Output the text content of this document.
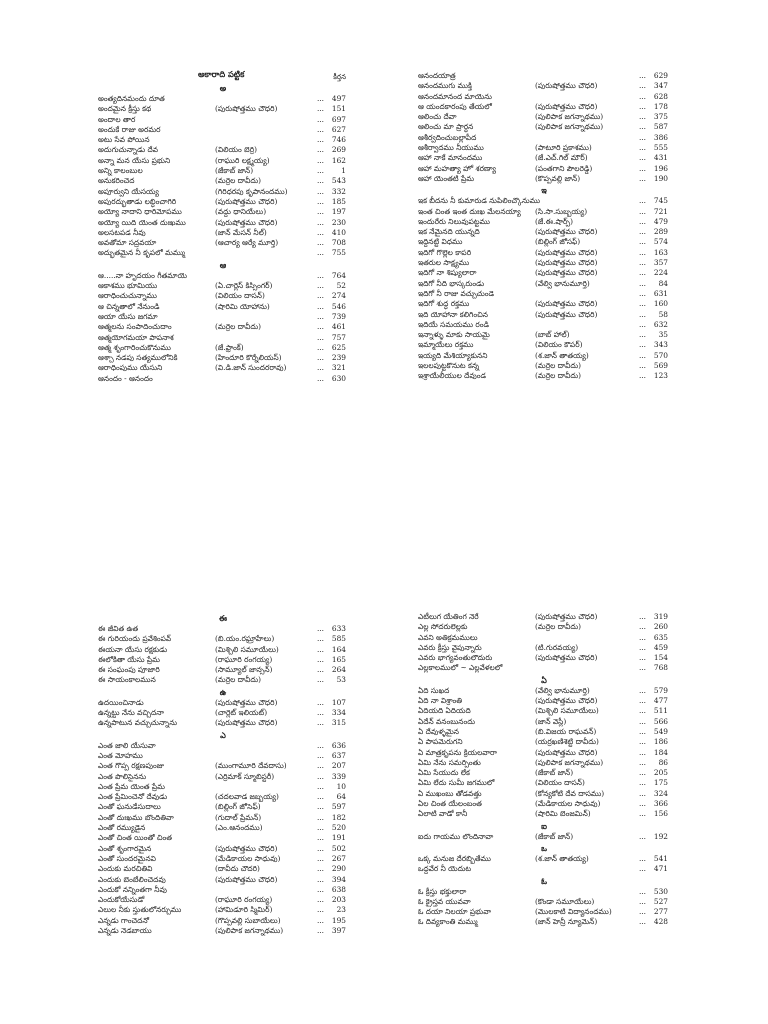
అకారాది పట్టిక	కీర్తన
అ
అంత్యదినమందు దూత	... 497
అందమైన క్రీస్తు కథ	(పురుషోత్తము చౌధరి)	... 151
అందాల తార	... 697
అందుకే రాజు అరమర	... 627
అటు సేవ పోయిన	... 746
అదుగుచున్నాడు దేవ	(విలియం బెర్రి)	... 269
అన్నా మన యేసు ప్రభుని	(రాఘురి లక్ష్మయ్య)	... 162
అన్ని కాలంబుల	(జేకాబ్ జాన్)	... 1
అనుకరించెద	(మర్రెల దావీదు)	... 543
అపూర్వుని యేసయ్య	(గిరిధరపు కృపానందము)	... 332
అపురద్భుతాడు లబ్ధించాగిరి	(పురుషోత్తము చౌధరి)	... 185
అయ్యో నాదాని ధారిమోపము	(వద్దు ధానియేలు)	... 197
అయ్యో యిది యెంత దుఃఖము	(పురుషోత్తము చౌధరి)	... 230
అలసటపడ నీవు	(జాన్ మేసన్ నీల్)	... 410
అవతోమా సద్రవయా	(ఆచార్య ఆర్యే మూర్తి)	... 708
అద్భుతమైన నీ కృపలో మమ్ము	... 755
ఆ
ఆ.....నా హృదయం గీతమాయె	... 764
ఆకాశము భూమియు	(ఏ.చార్లెస్ కిస్సింగర్)	... 52
ఆరాధించుచున్నాము	(విలియం దాసన్)	... 274
ఆ చిన్నతాలో నేనుండి	(షారిమి యోహాను)	... 546
ఆయా యేసు జగమా	... 739
ఆత్మలను సంపాదించుదాం	(మర్రెల దావీదు)	... 461
ఆత్మయోగమయా పాపనాశ	... 757
ఆత్మ శృంగారించుకొనుము	(జే.ఫ్రాంక్)	... 625
ఆశ్చా నడపు సత్యములోనికి	(హిందూరి కొర్నేలియస్)	... 239
ఆరాధింపుము యేసుని	(వి.డి.జాన్ సుందరరావు)	... 321
ఆనందం - ఆనందం	... 630
ఆనందయాత్ర	... 629
ఆనందముగు ముక్తి	(పురుషోత్తము చౌధరి)	... 347
ఆనందమానంద మాయెను	... 628
ఆ యందకారంపు తేయలో	(పురుషోత్తము చౌధరి)	... 178
ఆలించు దేవా	(పులిపాక జగన్నాథము)	... 375
ఆలించు మా ప్రార్థన	(పులిపాక జగన్నాథము)	... 587
ఆశీర్వదించుబల్లాపీద	... 386
ఆశీర్వాదము నీయుము	(పాటూరి ప్రకాశము)	... 555
ఆహా నాకే మానందము	(జే.ఎచ్.గిల్ మౌర్)	... 431
ఆహా మహత్యా హో శరణ్యా	(పంతగాని పౌలరెడ్డి)	... 196
ఆహా యెంతటి ప్రేమ	(కొప్పవల్లి జాన్)	... 190
ఇ
ఇక బీదను నీ కుమారుడ నుపిలించ్కొనుము	... 745
ఇంత చింత ఇంత దుఃఖ మేలనయ్యా (సి.సా.సుబ్బయ్య)	... 721
ఇందురేరు నిలువుపట్టము	(జే.ఈ.షార్ప్)	... 479
ఇక నేమైనది యున్నది	(పురుషోత్తము చౌధరి)	... 289
ఇద్దినట్టి విధము	(బిల్లింగ్ జోసఫ్)	... 574
ఇదిగో గొల్లెల కాపరి	(పురుషోత్తము చౌధరి)	... 163
ఇతరుల సాక్ష్యము	(పురుషోత్తము చౌధరి)	... 357
ఇదిగో నా శిష్యులారా	(పురుషోత్తము చౌధరి)	... 224
ఇదిగో నీది భాస్కరుండు	(వేల్వి భానుమూర్తి)	... 84
ఇదిగో నీ రాజు వచ్చుచుండె	... 631
ఇదిగో శుద్ధ రక్తము	(పురుషోత్తము చౌధరి)	... 160
ఇది యోహానా కలిగించిన	(పురుషోత్తము చౌధరి)	... 58
ఇదియే సమయము రండి	... 632
ఇన్నాళ్ళు మాకు సాయమై	(బాబ్ హాల్)	... 35
ఇమ్మాయేలు రక్తము	(విలియం కౌపర్)	... 343
ఇయ్యది మేశియ్యాకునని	(శ.జాన్ తాతయ్య)	... 570
ఇలలపుట్టకొనుట కన్న	(మర్రెల దావీదు)	... 569
ఇశ్రాయేలీయుల దేవుండ	(మర్రెల దావీదు)	... 123
ఈ
ఈ జీవిత ఉత	... 633
ఈ గురియందు ప్రవేశింపవ్	(బి.యం.రఘ్రాహేలు)	... 585
ఈయనా యేసు రక్షకుడు	(మిశ్చిలి సమూయేలు)	... 164
ఈలోకితా యేసు ప్రేమ	(రాఘూరి రంగయ్య)	... 165
ఈ సంఘంపు పూజారి	(సామ్యూల్ జాన్సన్)	... 264
ఈ సాయంకాలమున	(మర్రెల దావీదు)	... 53
ఉ
ఉదయించినాడు	(పురుషోత్తము చౌధరి)	... 107
ఉన్నట్టు నేను వచ్చిదనా	(చార్లెట్ ఇలియట్)	... 334
ఉన్నపాటున వచ్చుచున్నాను	(పురుషోత్తము చౌధరి)	... 315
ఎ
ఎంత జాలి యేసువా	... 636
ఎంత మోహము	... 637
ఎంత గొప్ప రక్షణపుంజు	(ముంగామూరి దేవదాసు)	... 207
ఎంత పొలిసైనను	(ఎర్రిమాక్ స్మూబిస్టరీ)	... 339
ఎంత ప్రేమ యెంత ప్రేమ	... 10
ఎంత ప్రేమించెనో దేవుడు	(చదలవాడ జబ్బయ్య)	... 64
ఎంతో ఘనుడేసుదాలు	(బిల్లింగ్ జోసెఫ్)	... 597
ఎంతో దుఃఖము బొందితివా	(గుదాల్ ప్రేమన్)	... 182
ఎంతో రమ్యుడైన	(ఎం.ఆనందము)	... 520
ఎంతో చింత యింతో చింత	... 191
ఎంతో శృంగారమైన	(పురుషోత్తము చౌధరి)	... 502
ఎంతో సుందరమైనవి	(మేడికాయల సాధువు)	... 267
ఎందుకు మరచితివి	(దావీదు చౌదరి)	... 290
ఎందుకు బెంబేలించెదవు	(పురుషోత్తము చౌధరి)	... 394
ఎందుకో నన్నింతగా నీవు	... 638
ఎందుకోయేసుడో	(రాఘూరి రంగయ్య)	... 203
ఎలుల నీకు స్తుతులోనర్చుము	(హామిడూరి స్మిమిర్)	... 23
ఎన్నడు గాంచెదనో	(గొప్పవల్లి సుబాయేలు)	... 195
ఎన్నడు నెడబాయు	(పులిపాక జగన్నాథము)	... 397
ఎటీలుగ యేతింగ నెరే	(పురుషోత్తము చౌధరి)	... 319
ఎల్ల సోదరులెల్లకు	(మర్రెల దావీదు)	... 260
ఎవని అతిక్రమములు	... 635
ఎవరు క్రీస్తు వైపున్నారు	(టి.గురవయ్య)	... 459
ఎవరు భాగ్యవంతులౌదురు	(పురుషోత్తము చౌధరి)	... 154
ఎల్లకాలములో ~ ఎల్లవేళలలో	... 768
ఏ
ఏది సుఖద	(వేల్వి భానుమూర్తి)	... 579
ఏది నా విశ్రాంతి	(పురుషోత్తము చౌధరి)	... 477
ఏదియది ఏదియది	(మిశ్చిలి సమూయేలు)	... 511
ఏదేన్ వనంబునందు	(జాన్ వెస్లీ)	... 566
ఏ దేవుళ్ళమైన	(బి.విజయ రాఘవన్)	... 549
ఏ పాపమెరుగని	(యర్రఖణిశెట్టి దావీదు)	... 186
ఏ మాత్రకృపను క్రియలవారా	(పురుషోత్తము చౌధరి)	... 184
ఏమి నేను సమర్పింతు	(పులిపాక జగన్నాథము)	... 86
ఏమి సేయుదు లేక	(జేకాబ్ జాన్)	... 205
ఏమి లేదు సుమీ జగములో	(విలియం దాసన్)	... 175
ఏ ముఖంబు తోడవత్తు	(కోన్యకోటి దేవ దాసము)	... 324
ఏల చింత యేలంబంత	(మేడికాయల సాధువు)	... 366
ఏలాటి వాడో కానీ	(షారిమి బెంజమిన్)	... 156
ఐ
ఐదు గాయము లొందినావా	(జేకాబ్ జాన్)	... 192
ఒ
ఒక్క మనుజ దేరబ్బితేము	(శ.జాన్ తాతయ్య)	... 541
ఒద్దవేర నీ యెదుట	... 471
ఓ
ఓ క్రీస్తు భక్తులారా	... 530
ఓ క్రైస్తవ యువవా	(కొండా సమూయేలు)	... 527
ఓ దయా నిలయా ప్రభువా	(మొలకాటి విద్యానందము)	... 277
ఓ దివ్యకాంతి మమ్ము	(జాన్ హెన్రీ న్యూమెన్)	... 428
